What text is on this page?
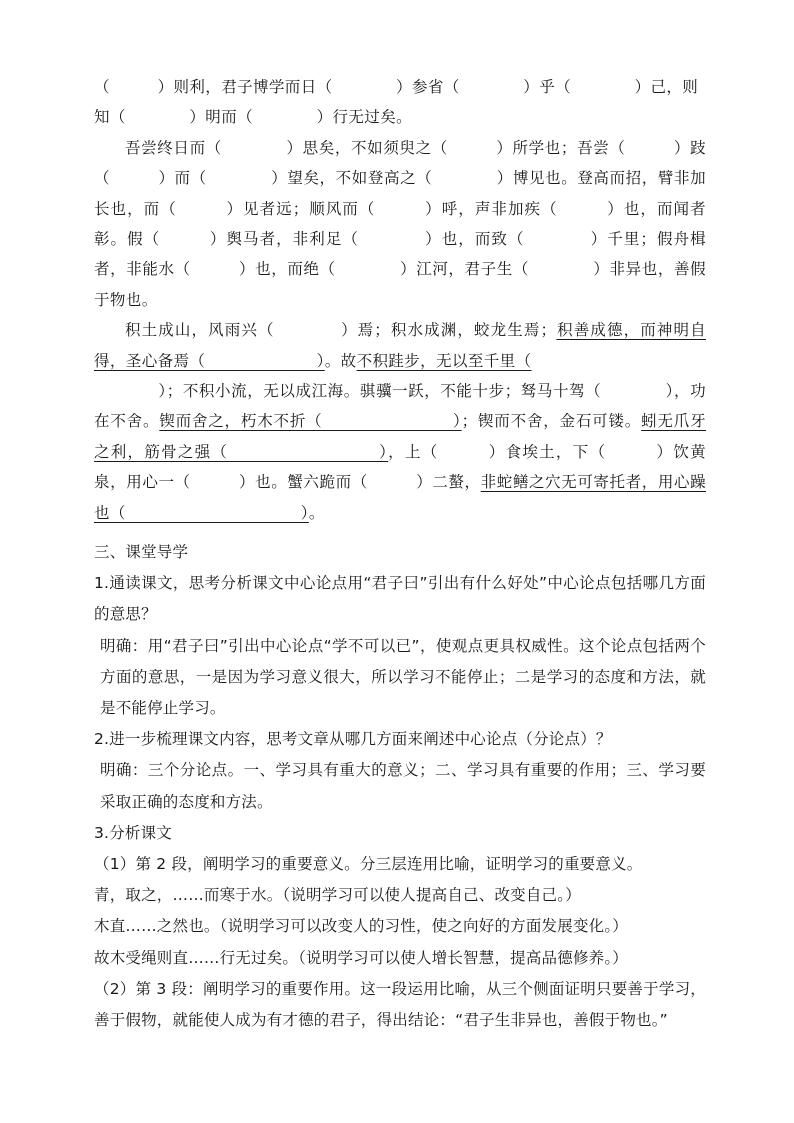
（　　　）则利，君子博学而日（　　　　）参省（　　　　）乎（　　　　）己，则
知（　　　　）明而（　　　　）行无过矣。

吾尝终日而（　　　　）思矣，不如须臾之（　　　）所学也；吾尝（　　　）跂（　　　）而（　　　　）望矣，不如登高之（　　　　）博见也。登高而招，臂非加长也，而（　　　）见者远；顺风而（　　　）呼，声非加疾（　　　）也，而闻者彰。假（　　　）舆马者，非利足（　　　　）也，而致（　　　　）千里；假舟楫者，非能水（　　　）也，而绝（　　　　）江河，君子生（　　　　）非异也，善假于物也。

积土成山，风雨兴（　　　　）焉；积水成渊，蛟龙生焉；积善成德，而神明自得，圣心备焉（　　　　　　　）。故不积跬步，无以至千里（
　　　　）；不积小流，无以成江海。骐骥一跃，不能十步；驽马十驾（　　　　），功在不舍。锲而舍之，朽木不折（　　　　　　　　）；锲而不舍，金石可镂。蚓无爪牙之利，筋骨之强（　　　　　　　　　），上（　　　）食埃土，下（　　　）饮黄泉，用心一（　　　）也。蟹六跪而（　　　）二螯，非蛇鳝之穴无可寄托者，用心躁也（　　　　　　　　　　　）。

三、课堂导学

1.通读课文，思考分析课文中心论点用“君子曰”引出有什么好处”中心论点包括哪几方面的意思？

明确：用“君子曰”引出中心论点“学不可以已”，使观点更具权威性。这个论点包括两个方面的意思，一是因为学习意义很大，所以学习不能停止；二是学习的态度和方法，就是不能停止学习。

2.进一步梳理课文内容，思考文章从哪几方面来阐述中心论点（分论点）？

明确：三个分论点。一、学习具有重大的意义；二、学习具有重要的作用；三、学习要采取正确的态度和方法。

3.分析课文

（1）第 2 段，阐明学习的重要意义。分三层连用比喻，证明学习的重要意义。

青，取之，……而寒于水。（说明学习可以使人提高自己、改变自己。）

木直……之然也。（说明学习可以改变人的习性，使之向好的方面发展变化。）

故木受绳则直……行无过矣。（说明学习可以使人增长智慧，提高品德修养。）

（2）第 3 段：阐明学习的重要作用。这一段运用比喻，从三个侧面证明只要善于学习，善于假物，就能使人成为有才德的君子，得出结论：“君子生非异也，善假于物也。”
